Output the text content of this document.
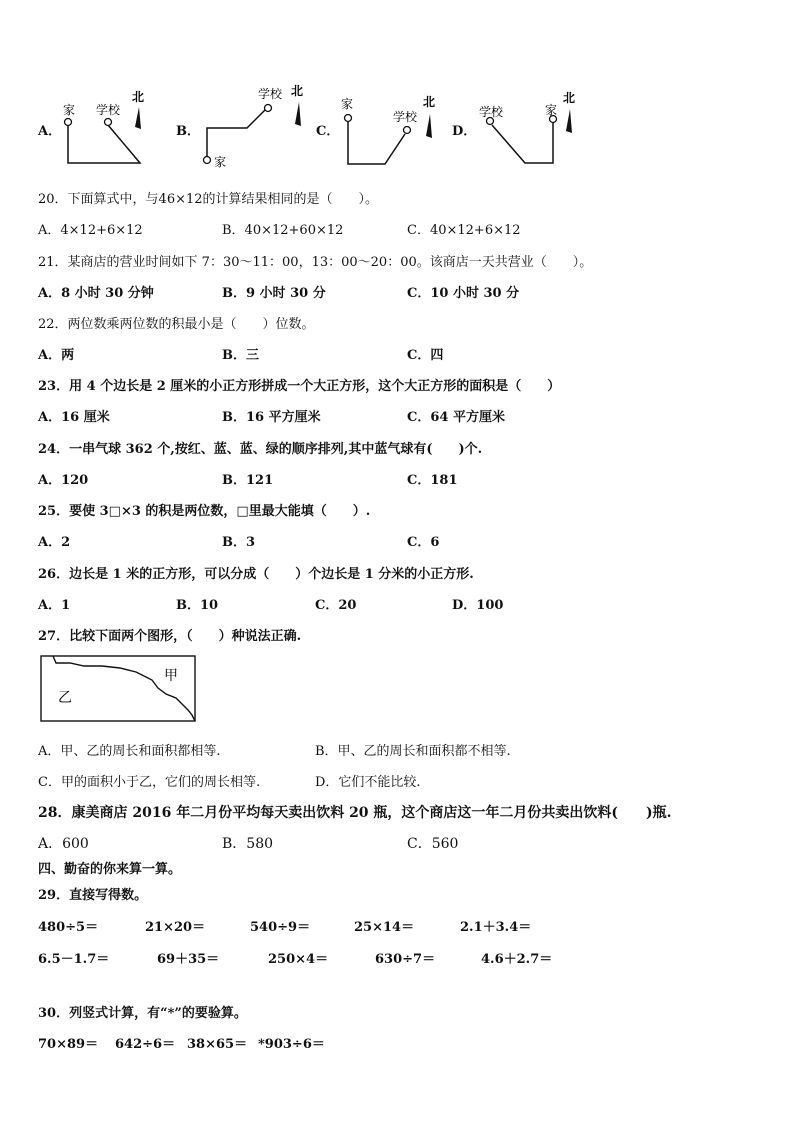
A．
家 学校
北
B．
家
学校 北
C．
家
学校
北
D．
学校	家
北
20．下面算式中，与46×12的计算结果相同的是（　　）。
A．4×12+6×12	B．40×12+60×12	C．40×12+6×12
21．某商店的营业时间如下 7：30～11：00，13：00～20：00。该商店一天共营业（　　）。
A．8 小时 30 分钟	B．9 小时 30 分	C．10 小时 30 分
22．两位数乘两位数的积最小是（　　）位数。
A．两	B．三	C．四
23．用 4 个边长是 2 厘米的小正方形拼成一个大正方形，这个大正方形的面积是（　　）
A．16 厘米	B．16 平方厘米	C．64 平方厘米
24．一串气球 362 个,按红、蓝、蓝、绿的顺序排列,其中蓝气球有(　　)个.
A．120	B．121	C．181
25．要使 3□×3 的积是两位数，□里最大能填（　　）.
A．2	B．3	C．6
26．边长是 1 米的正方形，可以分成（　　）个边长是 1 分米的小正方形.
A．1	B．10	C．20	D．100
27．比较下面两个图形，（　　）种说法正确.
甲
乙
A．甲、乙的周长和面积都相等.	B．甲、乙的周长和面积都不相等.
C．甲的面积小于乙，它们的周长相等.	D．它们不能比较.
28．康美商店 2016 年二月份平均每天卖出饮料 20 瓶，这个商店这一年二月份共卖出饮料(　　)瓶.
A．600	B．580	C．560
四、勤奋的你来算一算。
29．直接写得数。
480÷5＝	21×20＝	540÷9＝	25×14＝	2.1＋3.4＝
6.5－1.7＝	69＋35＝	250×4＝	630÷7＝	4.6＋2.7＝
30．列竖式计算，有“*”的要验算。
70×89＝ 642÷6＝ 38×65＝ *903÷6＝
